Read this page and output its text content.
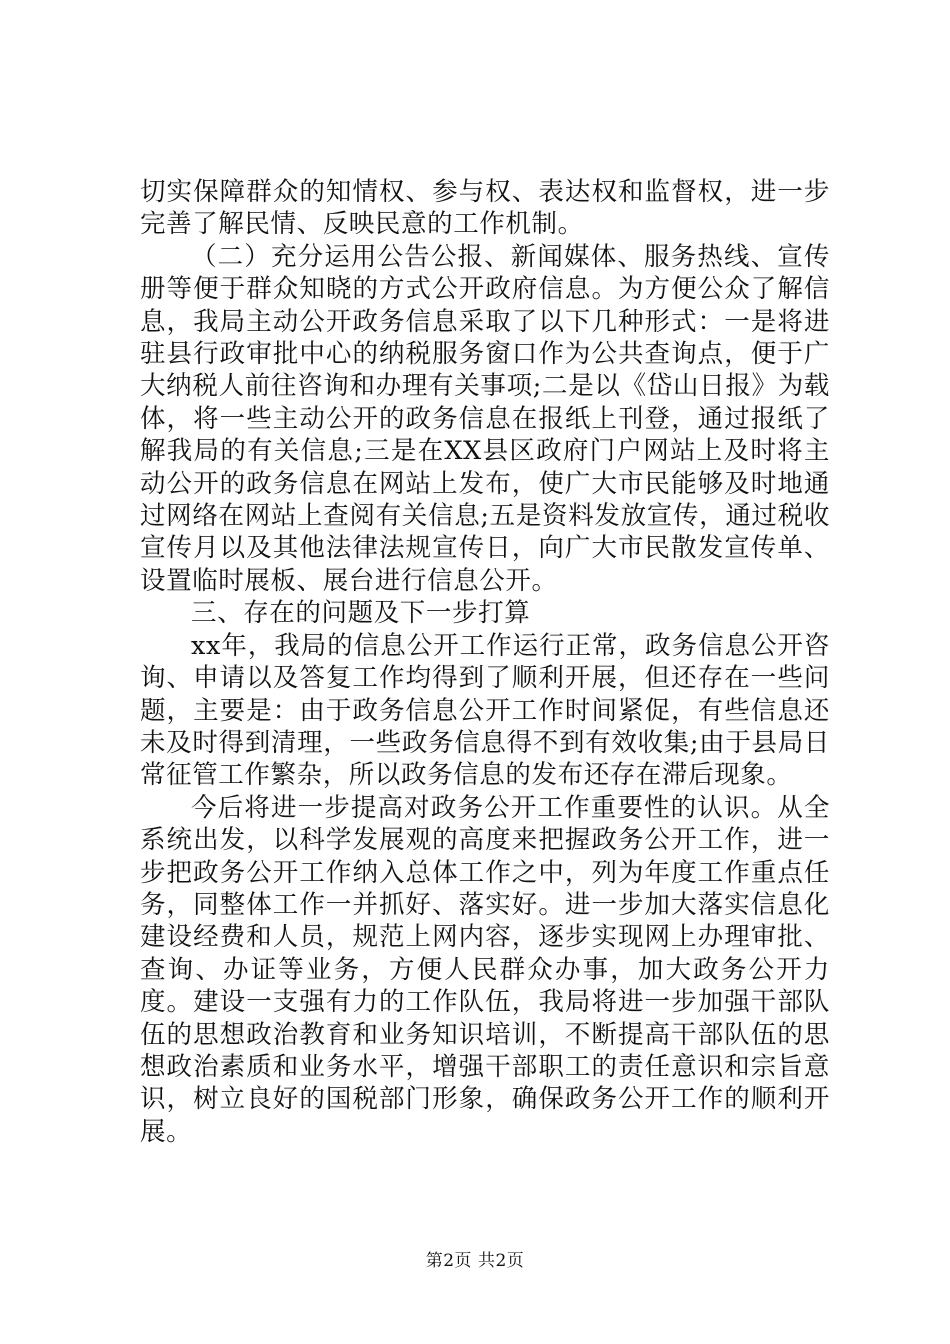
切实保障群众的知情权、参与权、表达权和监督权，进一步完善了解民情、反映民意的工作机制。

（二）充分运用公告公报、新闻媒体、服务热线、宣传册等便于群众知晓的方式公开政府信息。为方便公众了解信息，我局主动公开政务信息采取了以下几种形式：一是将进驻县行政审批中心的纳税服务窗口作为公共查询点，便于广大纳税人前往咨询和办理有关事项;二是以《岱山日报》为载体，将一些主动公开的政务信息在报纸上刊登，通过报纸了解我局的有关信息;三是在XX县区政府门户网站上及时将主动公开的政务信息在网站上发布，使广大市民能够及时地通过网络在网站上查阅有关信息;五是资料发放宣传，通过税收宣传月以及其他法律法规宣传日，向广大市民散发宣传单、设置临时展板、展台进行信息公开。

三、存在的问题及下一步打算

xx年，我局的信息公开工作运行正常，政务信息公开咨询、申请以及答复工作均得到了顺利开展，但还存在一些问题，主要是：由于政务信息公开工作时间紧促，有些信息还未及时得到清理，一些政务信息得不到有效收集;由于县局日常征管工作繁杂，所以政务信息的发布还存在滞后现象。

今后将进一步提高对政务公开工作重要性的认识。从全系统出发，以科学发展观的高度来把握政务公开工作，进一步把政务公开工作纳入总体工作之中，列为年度工作重点任务，同整体工作一并抓好、落实好。进一步加大落实信息化建设经费和人员，规范上网内容，逐步实现网上办理审批、查询、办证等业务，方便人民群众办事，加大政务公开力度。建设一支强有力的工作队伍，我局将进一步加强干部队伍的思想政治教育和业务知识培训，不断提高干部队伍的思想政治素质和业务水平，增强干部职工的责任意识和宗旨意识，树立良好的国税部门形象，确保政务公开工作的顺利开展。

第2页 共2页
